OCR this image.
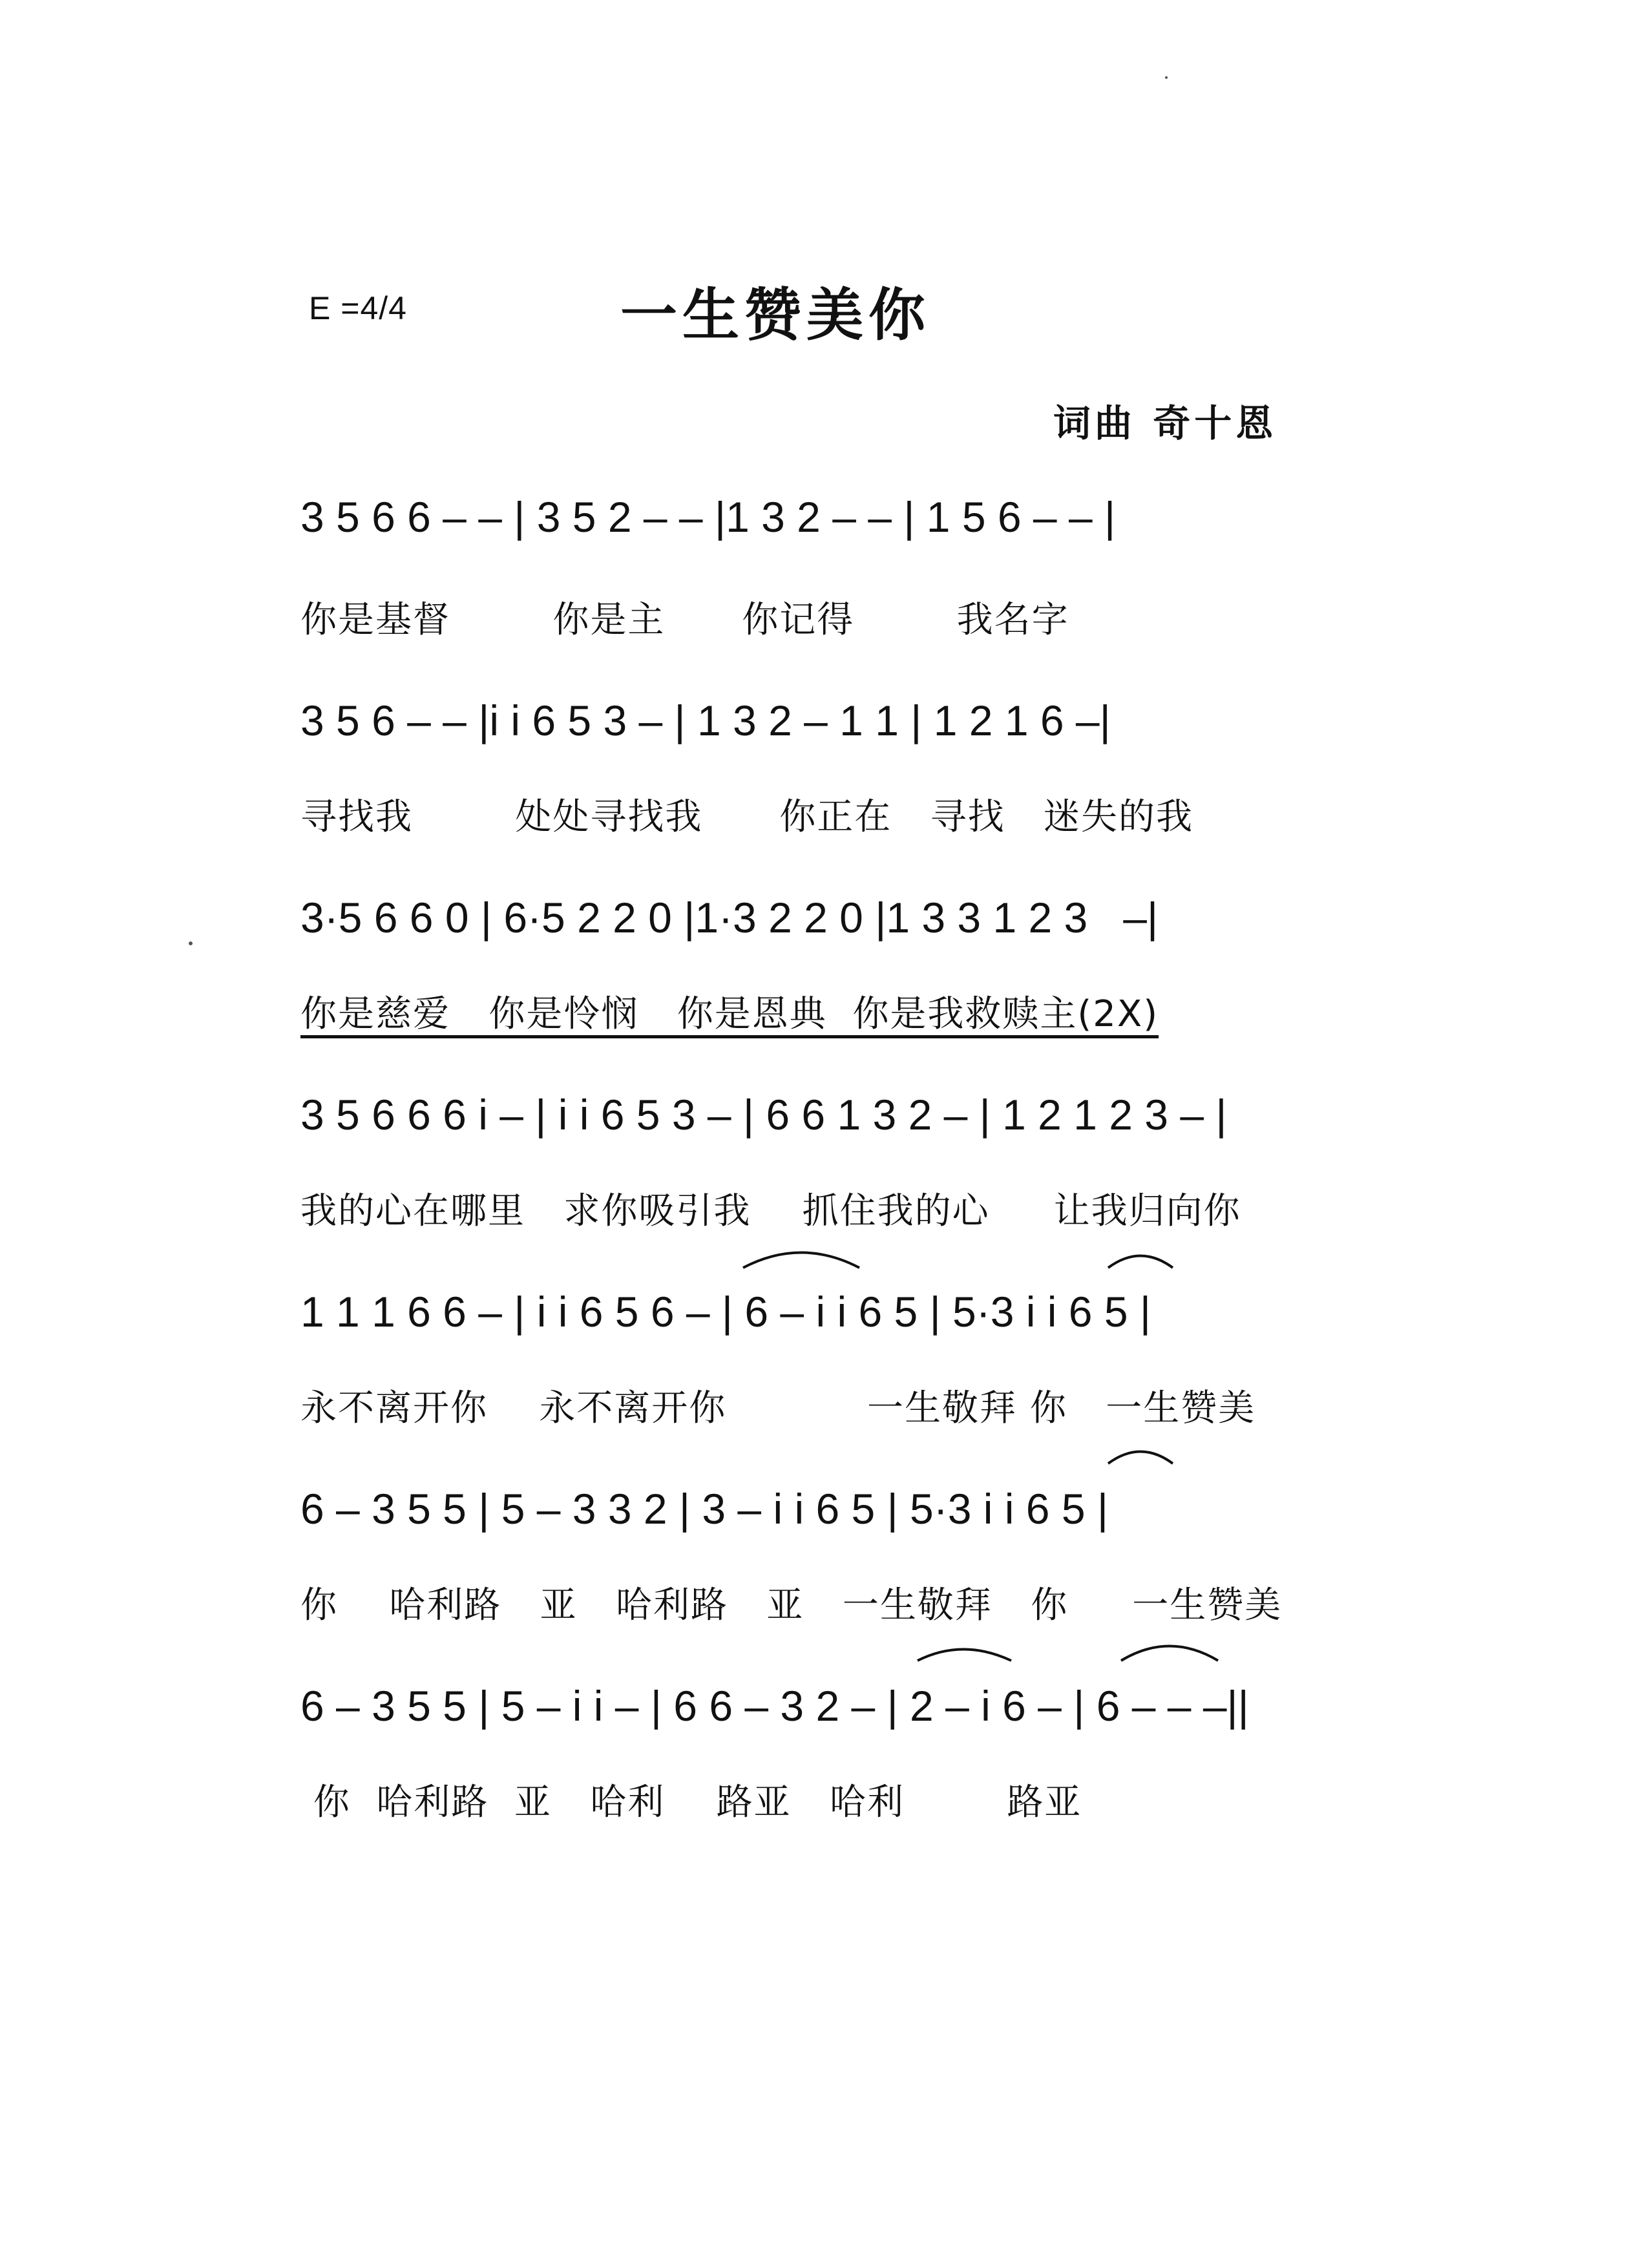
E =4/4	一生赞美你
词曲 奇十恩
3 5 6 6 – – | 3 5 2 – – |1 3 2 – – | 1 5 6 – – |
你是基督        你是主      你记得        我名字
3 5 6 – – |i i 6 5 3 – | 1 3 2 – 1 1 | 1 2 1 6 –|
寻找我        处处寻找我      你正在   寻找   迷失的我
3·5 6 6 0 | 6·5 2 2 0 |1·3 2 2 0 |1 3 3 1 2 3   –|
你是慈爱   你是怜悯   你是恩典  你是我救赎主(2X)
3 5 6 6 6 i – | i i 6 5 3 – | 6 6 1 3 2 – | 1 2 1 2 3 – |
我的心在哪里   求你吸引我    抓住我的心     让我归向你
1 1 1 6 6 – | i i 6 5 6 – | 6 – i i 6 5 | 5·3 i i 6 5 |
永不离开你    永不离开你           一生敬拜 你   一生赞美
6 – 3 5 5 | 5 – 3 3 2 | 3 – i i 6 5 | 5·3 i i 6 5 |
你    哈利路   亚   哈利路   亚   一生敬拜   你     一生赞美
6 – 3 5 5 | 5 – i i – | 6 6 – 3 2 – | 2 – i 6 – | 6 – – –||
你  哈利路  亚   哈利    路亚   哈利        路亚
